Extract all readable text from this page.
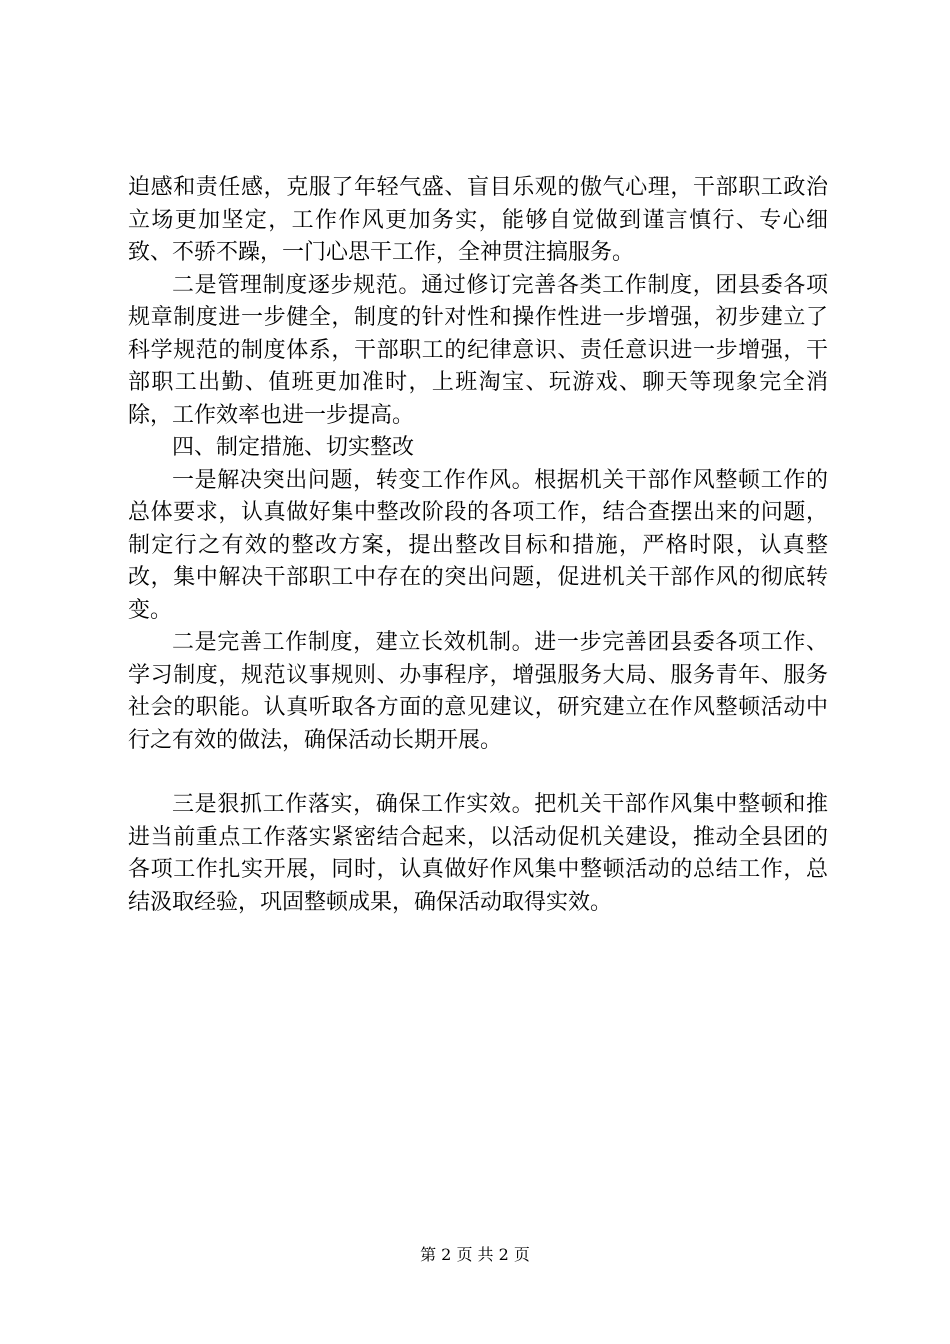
迫感和责任感，克服了年轻气盛、盲目乐观的傲气心理，干部职工政治立场更加坚定，工作作风更加务实，能够自觉做到谨言慎行、专心细致、不骄不躁，一门心思干工作，全神贯注搞服务。

二是管理制度逐步规范。通过修订完善各类工作制度，团县委各项规章制度进一步健全，制度的针对性和操作性进一步增强，初步建立了科学规范的制度体系，干部职工的纪律意识、责任意识进一步增强，干部职工出勤、值班更加准时，上班淘宝、玩游戏、聊天等现象完全消除，工作效率也进一步提高。

四、制定措施、切实整改

一是解决突出问题，转变工作作风。根据机关干部作风整顿工作的总体要求，认真做好集中整改阶段的各项工作，结合查摆出来的问题，制定行之有效的整改方案，提出整改目标和措施，严格时限，认真整改，集中解决干部职工中存在的突出问题，促进机关干部作风的彻底转变。

二是完善工作制度，建立长效机制。进一步完善团县委各项工作、学习制度，规范议事规则、办事程序，增强服务大局、服务青年、服务社会的职能。认真听取各方面的意见建议，研究建立在作风整顿活动中行之有效的做法，确保活动长期开展。

三是狠抓工作落实，确保工作实效。把机关干部作风集中整顿和推进当前重点工作落实紧密结合起来，以活动促机关建设，推动全县团的各项工作扎实开展，同时，认真做好作风集中整顿活动的总结工作，总结汲取经验，巩固整顿成果，确保活动取得实效。

第 2 页 共 2 页
